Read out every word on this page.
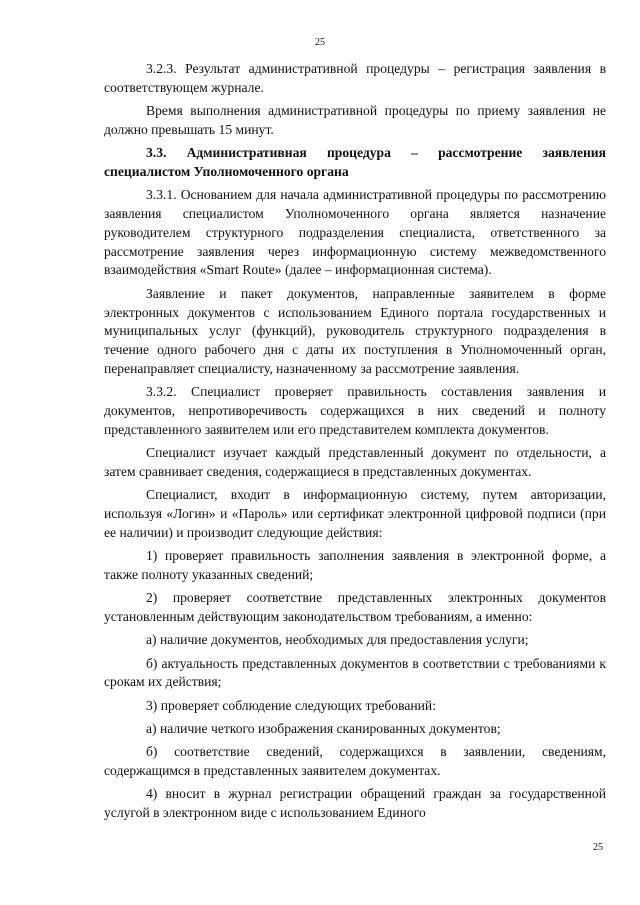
25

3.2.3. Результат административной процедуры – регистрация заявления в соответствующем журнале.

Время выполнения административной процедуры по приему заявления не должно превышать 15 минут.

3.3. Административная процедура – рассмотрение заявления специалистом Уполномоченного органа

3.3.1. Основанием для начала административной процедуры по рассмотрению заявления специалистом Уполномоченного органа является назначение руководителем структурного подразделения специалиста, ответственного за рассмотрение заявления через информационную систему межведомственного взаимодействия «Smart Route» (далее – информационная система).

Заявление и пакет документов, направленные заявителем в форме электронных документов с использованием Единого портала государственных и муниципальных услуг (функций), руководитель структурного подразделения в течение одного рабочего дня с даты их поступления в Уполномоченный орган, перенаправляет специалисту, назначенному за рассмотрение заявления.

3.3.2. Специалист проверяет правильность составления заявления и документов, непротиворечивость содержащихся в них сведений и полноту представленного заявителем или его представителем комплекта документов.

Специалист изучает каждый представленный документ по отдельности, а затем сравнивает сведения, содержащиеся в представленных документах.

Специалист, входит в информационную систему, путем авторизации, используя «Логин» и «Пароль» или сертификат электронной цифровой подписи (при ее наличии) и производит следующие действия:

1) проверяет правильность заполнения заявления в электронной форме, а также полноту указанных сведений;

2) проверяет соответствие представленных электронных документов установленным действующим законодательством требованиям, а именно:

а) наличие документов, необходимых для предоставления услуги;

б) актуальность представленных документов в соответствии с требованиями к срокам их действия;

3) проверяет соблюдение следующих требований:

а) наличие четкого изображения сканированных документов;

б) соответствие сведений, содержащихся в заявлении, сведениям, содержащимся в представленных заявителем документах.

4) вносит в журнал регистрации обращений граждан за государственной услугой в электронном виде с использованием Единого

25
